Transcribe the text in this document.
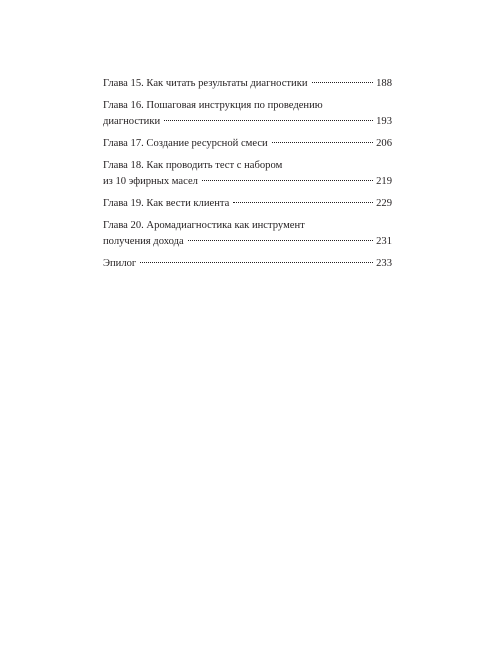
Глава 15. Как читать результаты диагностики	188
Глава 16. Пошаговая инструкция по проведению
диагностики	193
Глава 17. Создание ресурсной смеси	206
Глава 18. Как проводить тест с набором
из 10 эфирных масел	219
Глава 19. Как вести клиента	229
Глава 20. Аромадиагностика как инструмент
получения дохода	231
Эпилог	233
